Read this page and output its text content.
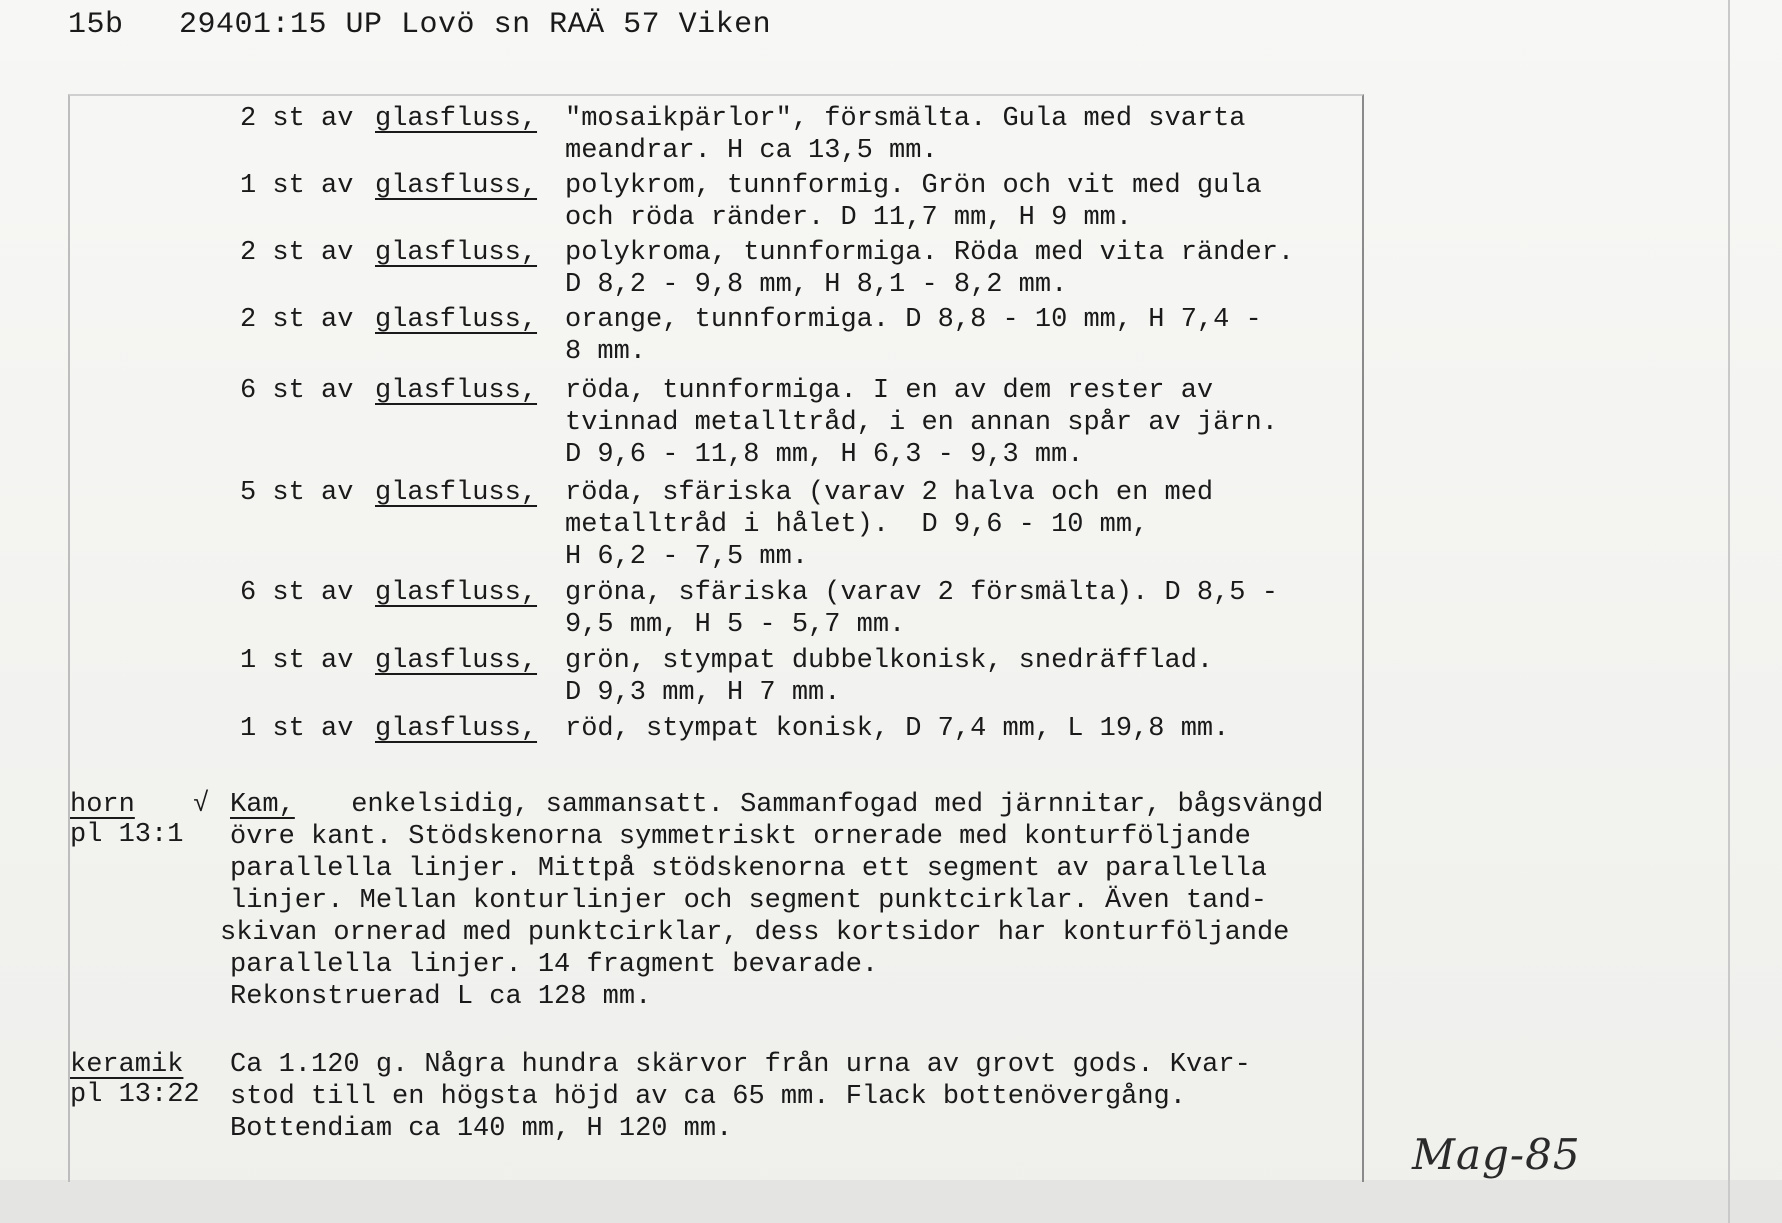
15b   29401:15 UP Lovö sn RAÄ 57 Viken
2 st av glasfluss, "mosaikpärlor", försmälta. Gula med svarta
meandrar. H ca 13,5 mm.
1 st av glasfluss, polykrom, tunnformig. Grön och vit med gula
och röda ränder. D 11,7 mm, H 9 mm.
2 st av glasfluss, polykroma, tunnformiga. Röda med vita ränder.
D 8,2 - 9,8 mm, H 8,1 - 8,2 mm.
2 st av glasfluss, orange, tunnformiga. D 8,8 - 10 mm, H 7,4 -
8 mm.
6 st av glasfluss, röda, tunnformiga. I en av dem rester av
tvinnad metalltråd, i en annan spår av järn.
D 9,6 - 11,8 mm, H 6,3 - 9,3 mm.
5 st av glasfluss, röda, sfäriska (varav 2 halva och en med
metalltråd i hålet).  D 9,6 - 10 mm,
H 6,2 - 7,5 mm.
6 st av glasfluss, gröna, sfäriska (varav 2 försmälta). D 8,5 -
9,5 mm, H 5 - 5,7 mm.
1 st av glasfluss, grön, stympat dubbelkonisk, snedräfflad.
D 9,3 mm, H 7 mm.
1 st av glasfluss, röd, stympat konisk, D 7,4 mm, L 19,8 mm.
horn
pl 13:1
√ Kam, enkelsidig, sammansatt. Sammanfogad med järnnitar, bågsvängd
övre kant. Stödskenorna symmetriskt ornerade med konturföljande
parallella linjer. Mittpå stödskenorna ett segment av parallella
linjer. Mellan konturlinjer och segment punktcirklar. Även tand-
skivan ornerad med punktcirklar, dess kortsidor har konturföljande
parallella linjer. 14 fragment bevarade.
Rekonstruerad L ca 128 mm.
keramik
pl 13:22
Ca 1.120 g. Några hundra skärvor från urna av grovt gods. Kvar-
stod till en högsta höjd av ca 65 mm. Flack bottenövergång.
Bottendiam ca 140 mm, H 120 mm.
Mag-85
